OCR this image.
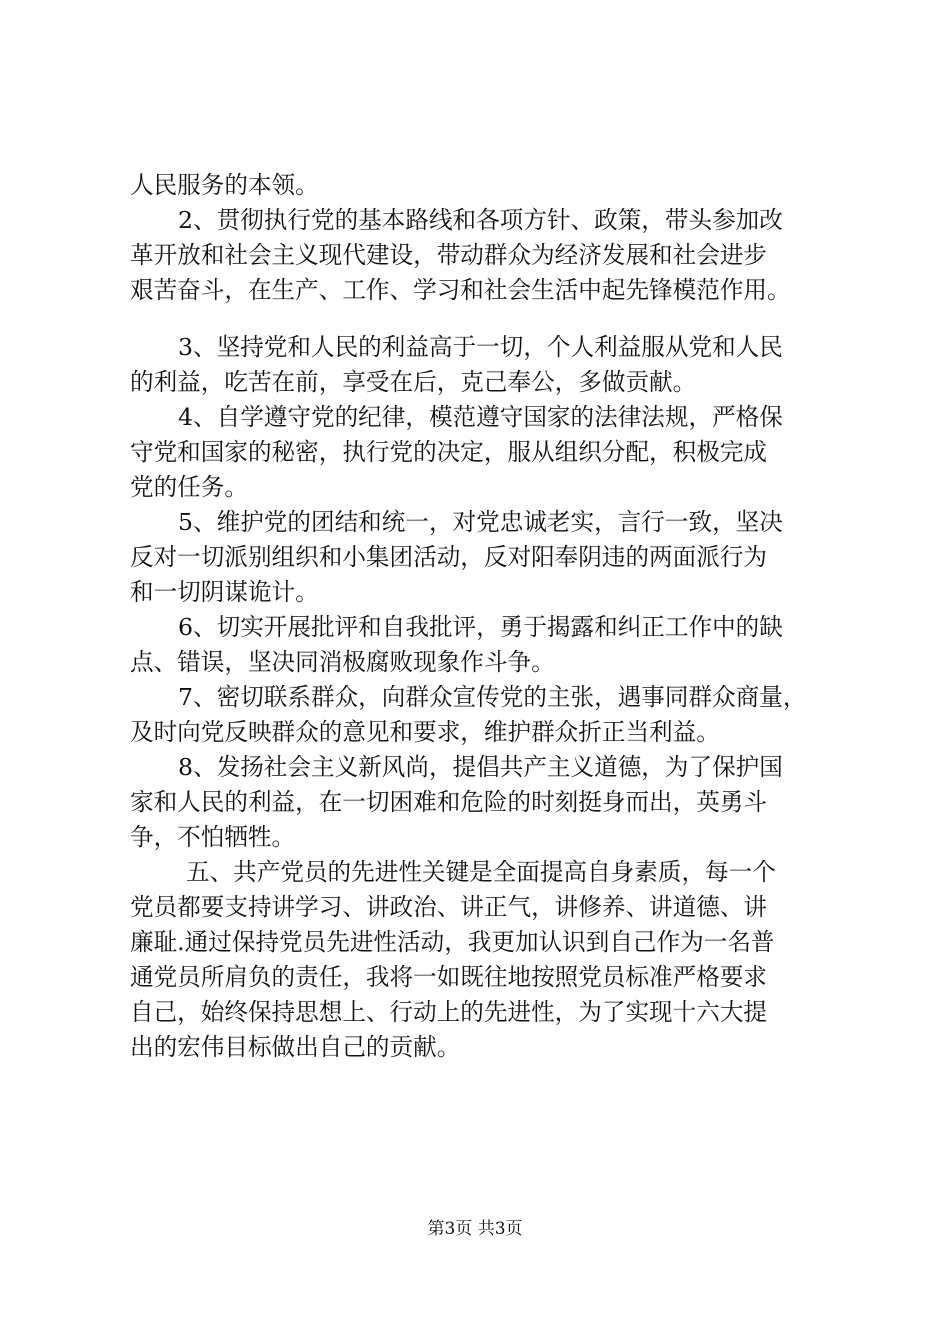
人民服务的本领。
2、贯彻执行党的基本路线和各项方针、政策，带头参加改
革开放和社会主义现代建设，带动群众为经济发展和社会进步
艰苦奋斗，在生产、工作、学习和社会生活中起先锋模范作用。
3、坚持党和人民的利益高于一切，个人利益服从党和人民
的利益，吃苦在前，享受在后，克己奉公，多做贡献。
4、自学遵守党的纪律，模范遵守国家的法律法规，严格保
守党和国家的秘密，执行党的决定，服从组织分配，积极完成
党的任务。
5、维护党的团结和统一，对党忠诚老实，言行一致，坚决
反对一切派别组织和小集团活动，反对阳奉阴违的两面派行为
和一切阴谋诡计。
6、切实开展批评和自我批评，勇于揭露和纠正工作中的缺
点、错误，坚决同消极腐败现象作斗争。
7、密切联系群众，向群众宣传党的主张，遇事同群众商量，
及时向党反映群众的意见和要求，维护群众折正当利益。
8、发扬社会主义新风尚，提倡共产主义道德，为了保护国
家和人民的利益，在一切困难和危险的时刻挺身而出，英勇斗
争，不怕牺牲。
五、共产党员的先进性关键是全面提高自身素质，每一个
党员都要支持讲学习、讲政治、讲正气，讲修养、讲道德、讲
廉耻.通过保持党员先进性活动，我更加认识到自己作为一名普
通党员所肩负的责任，我将一如既往地按照党员标准严格要求
自己，始终保持思想上、行动上的先进性，为了实现十六大提
出的宏伟目标做出自己的贡献。
第3页 共3页
